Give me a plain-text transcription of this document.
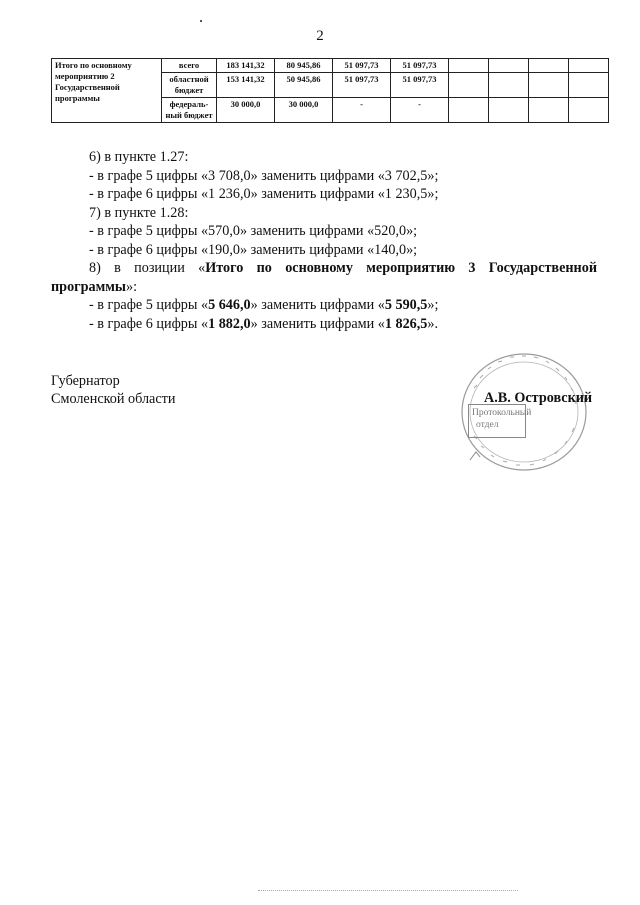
2
Итого по основному мероприятию 2 Государственной программы	всего	183 141,32	80 945,86	51 097,73	51 097,73				
	областной бюджет	153 141,32	50 945,86	51 097,73	51 097,73				
	федераль-ный бюджет	30 000,0	30 000,0	-	-				

6) в пункте 1.27:

- в графе 5 цифры «3 708,0» заменить цифрами «3 702,5»;

- в графе 6 цифры «1 236,0» заменить цифрами «1 230,5»;

7) в пункте 1.28:

- в графе 5 цифры «570,0» заменить цифрами «520,0»;

- в графе 6 цифры «190,0» заменить цифрами «140,0»;

8) в позиции «Итого по основному мероприятию 3 Государственной

программы»:

- в графе 5 цифры «5 646,0» заменить цифрами «5 590,5»;

- в графе 6 цифры «1 882,0» заменить цифрами «1 826,5».

Губернатор
Смоленской области
Протокольный
отдел
А.В. Островский
